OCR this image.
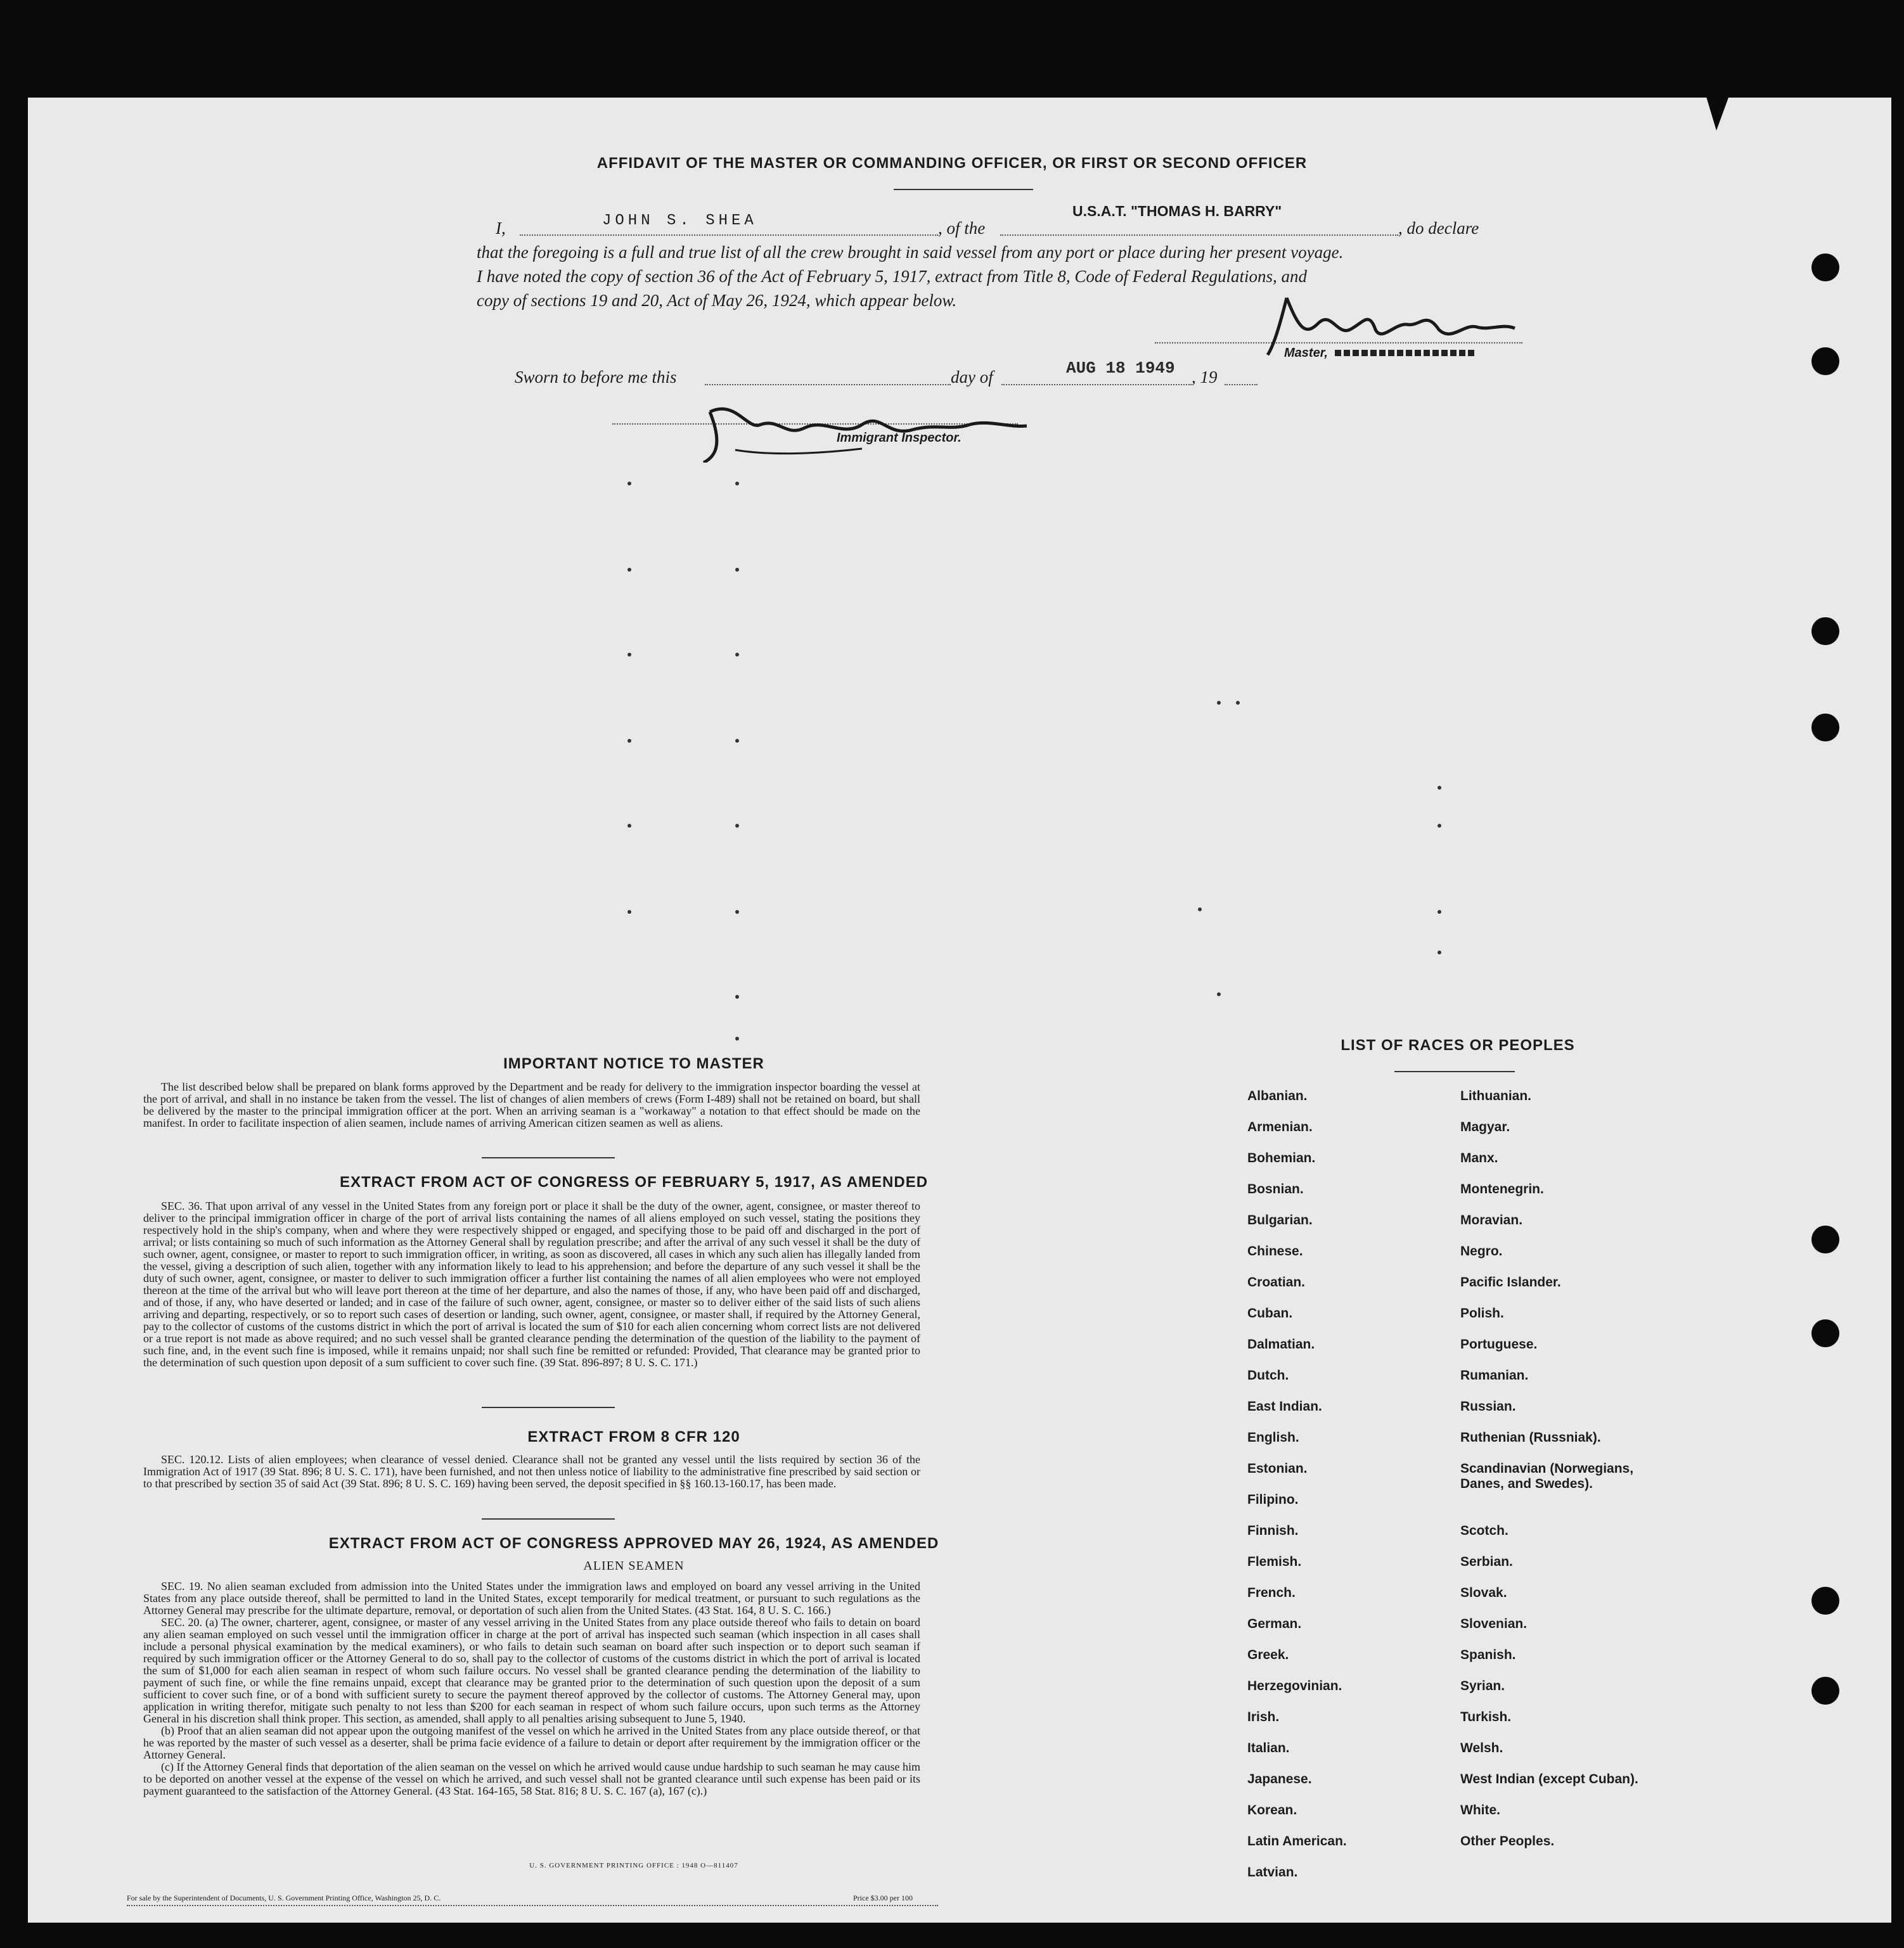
AFFIDAVIT OF THE MASTER OR COMMANDING OFFICER, OR FIRST OR SECOND OFFICER
U.S.A.T. "THOMAS H. BARRY"
I,	JOHN S. SHEA	, of the	, do declare
that the foregoing is a full and true list of all the crew brought in said vessel from any port or place during her present voyage.
I have noted the copy of section 36 of the Act of February 5, 1917, extract from Title 8, Code of Federal Regulations, and
copy of sections 19 and 20, Act of May 26, 1924, which appear below.
Master,
Sworn to before me this	day of	AUG 18 1949 , 19
Immigrant Inspector.
IMPORTANT NOTICE TO MASTER

The list described below shall be prepared on blank forms approved by the Department and be ready for delivery to the immigration inspector boarding the vessel at the port of arrival, and shall in no instance be taken from the vessel. The list of changes of alien members of crews (Form I-489) shall not be retained on board, but shall be delivered by the master to the principal immigration officer at the port. When an arriving seaman is a "workaway" a notation to that effect should be made on the manifest. In order to facilitate inspection of alien seamen, include names of arriving American citizen seamen as well as aliens.

EXTRACT FROM ACT OF CONGRESS OF FEBRUARY 5, 1917, AS AMENDED

SEC. 36. That upon arrival of any vessel in the United States from any foreign port or place it shall be the duty of the owner, agent, consignee, or master thereof to deliver to the principal immigration officer in charge of the port of arrival lists containing the names of all aliens employed on such vessel, stating the positions they respectively hold in the ship's company, when and where they were respectively shipped or engaged, and specifying those to be paid off and discharged in the port of arrival; or lists containing so much of such information as the Attorney General shall by regulation prescribe; and after the arrival of any such vessel it shall be the duty of such owner, agent, consignee, or master to report to such immigration officer, in writing, as soon as discovered, all cases in which any such alien has illegally landed from the vessel, giving a description of such alien, together with any information likely to lead to his apprehension; and before the departure of any such vessel it shall be the duty of such owner, agent, consignee, or master to deliver to such immigration officer a further list containing the names of all alien employees who were not employed thereon at the time of the arrival but who will leave port thereon at the time of her departure, and also the names of those, if any, who have been paid off and discharged, and of those, if any, who have deserted or landed; and in case of the failure of such owner, agent, consignee, or master so to deliver either of the said lists of such aliens arriving and departing, respectively, or so to report such cases of desertion or landing, such owner, agent, consignee, or master shall, if required by the Attorney General, pay to the collector of customs of the customs district in which the port of arrival is located the sum of $10 for each alien concerning whom correct lists are not delivered or a true report is not made as above required; and no such vessel shall be granted clearance pending the determination of the question of the liability to the payment of such fine, and, in the event such fine is imposed, while it remains unpaid; nor shall such fine be remitted or refunded: Provided, That clearance may be granted prior to the determination of such question upon deposit of a sum sufficient to cover such fine. (39 Stat. 896-897; 8 U. S. C. 171.)

EXTRACT FROM 8 CFR 120

SEC. 120.12. Lists of alien employees; when clearance of vessel denied. Clearance shall not be granted any vessel until the lists required by section 36 of the Immigration Act of 1917 (39 Stat. 896; 8 U. S. C. 171), have been furnished, and not then unless notice of liability to the administrative fine prescribed by said section or to that prescribed by section 35 of said Act (39 Stat. 896; 8 U. S. C. 169) having been served, the deposit specified in §§ 160.13-160.17, has been made.

EXTRACT FROM ACT OF CONGRESS APPROVED MAY 26, 1924, AS AMENDED
ALIEN SEAMEN

SEC. 19. No alien seaman excluded from admission into the United States under the immigration laws and employed on board any vessel arriving in the United States from any place outside thereof, shall be permitted to land in the United States, except temporarily for medical treatment, or pursuant to such regulations as the Attorney General may prescribe for the ultimate departure, removal, or deportation of such alien from the United States. (43 Stat. 164, 8 U. S. C. 166.)

SEC. 20. (a) The owner, charterer, agent, consignee, or master of any vessel arriving in the United States from any place outside thereof who fails to detain on board any alien seaman employed on such vessel until the immigration officer in charge at the port of arrival has inspected such seaman (which inspection in all cases shall include a personal physical examination by the medical examiners), or who fails to detain such seaman on board after such inspection or to deport such seaman if required by such immigration officer or the Attorney General to do so, shall pay to the collector of customs of the customs district in which the port of arrival is located the sum of $1,000 for each alien seaman in respect of whom such failure occurs. No vessel shall be granted clearance pending the determination of the liability to payment of such fine, or while the fine remains unpaid, except that clearance may be granted prior to the determination of such question upon the deposit of a sum sufficient to cover such fine, or of a bond with sufficient surety to secure the payment thereof approved by the collector of customs. The Attorney General may, upon application in writing therefor, mitigate such penalty to not less than $200 for each seaman in respect of whom such failure occurs, upon such terms as the Attorney General in his discretion shall think proper. This section, as amended, shall apply to all penalties arising subsequent to June 5, 1940.

(b) Proof that an alien seaman did not appear upon the outgoing manifest of the vessel on which he arrived in the United States from any place outside thereof, or that he was reported by the master of such vessel as a deserter, shall be prima facie evidence of a failure to detain or deport after requirement by the immigration officer or the Attorney General.

(c) If the Attorney General finds that deportation of the alien seaman on the vessel on which he arrived would cause undue hardship to such seaman he may cause him to be deported on another vessel at the expense of the vessel on which he arrived, and such vessel shall not be granted clearance until such expense has been paid or its payment guaranteed to the satisfaction of the Attorney General. (43 Stat. 164-165, 58 Stat. 816; 8 U. S. C. 167 (a), 167 (c).)

U. S. GOVERNMENT PRINTING OFFICE : 1948 O—811407
LIST OF RACES OR PEOPLES
Albanian.
Armenian.
Bohemian.
Bosnian.
Bulgarian.
Chinese.
Croatian.
Cuban.
Dalmatian.
Dutch.
East Indian.
English.
Estonian.
Filipino.
Finnish.
Flemish.
French.
German.
Greek.
Herzegovinian.
Irish.
Italian.
Japanese.
Korean.
Latin American.
Latvian.
Lithuanian.
Magyar.
Manx.
Montenegrin.
Moravian.
Negro.
Pacific Islander.
Polish.
Portuguese.
Rumanian.
Russian.
Ruthenian (Russniak).
Scandinavian (Norwegians, Danes, and Swedes).
Scotch.
Serbian.
Slovak.
Slovenian.
Spanish.
Syrian.
Turkish.
Welsh.
West Indian (except Cuban).
White.
Other Peoples.
For sale by the Superintendent of Documents, U. S. Government Printing Office, Washington 25, D. C.	Price $3.00 per 100
